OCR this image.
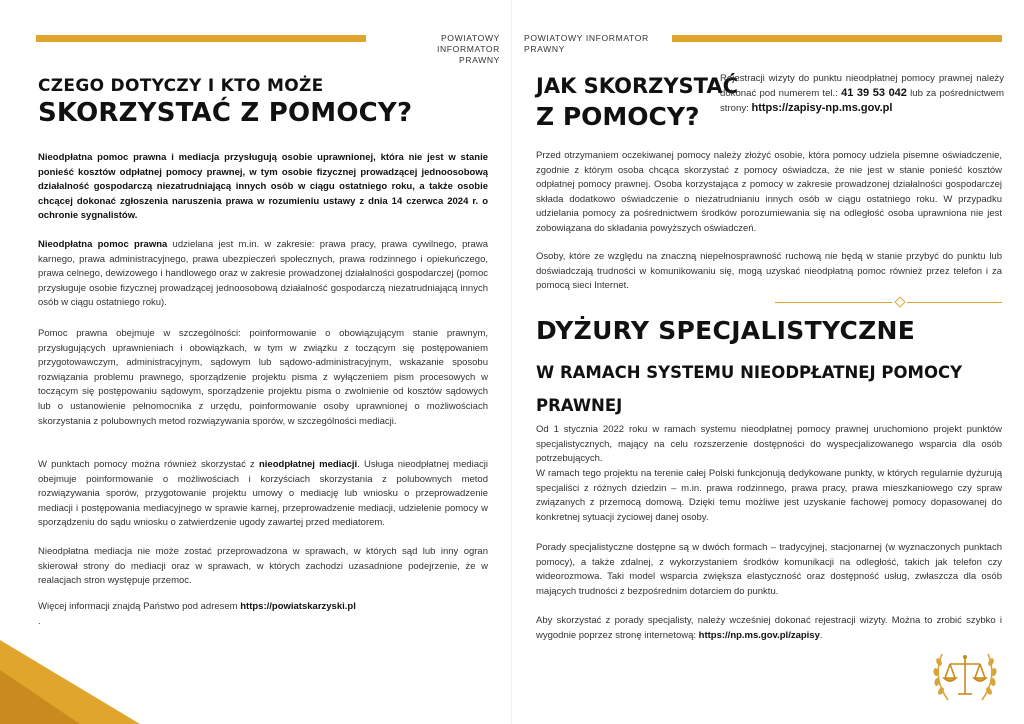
POWIATOWY INFORMATOR
PRAWNY
POWIATOWY INFORMATOR
PRAWNY
CZEGO DOTYCZY I KTO MOŻE
SKORZYSTAĆ Z POMOCY?

Nieodpłatna pomoc prawna i mediacja przysługują osobie uprawnionej, która nie jest w stanie ponieść kosztów odpłatnej pomocy prawnej, w tym osobie fizycznej prowadzącej jednoosobową działalność gospodarczą niezatrudniającą innych osób w ciągu ostatniego roku, a także osobie chcącej dokonać zgłoszenia naruszenia prawa w rozumieniu ustawy z dnia 14 czerwca 2024 r. o ochronie sygnalistów.

Nieodpłatna pomoc prawna udzielana jest m.in. w zakresie: prawa pracy, prawa cywilnego, prawa karnego, prawa administracyjnego, prawa ubezpieczeń społecznych, prawa rodzinnego i opiekuńczego, prawa celnego, dewizowego i handlowego oraz w zakresie prowadzonej działalności gospodarczej (pomoc przysługuje osobie fizycznej prowadzącej jednoosobową działalność gospodarczą niezatrudniającą innych osób w ciągu ostatniego roku).

Pomoc prawna obejmuje w szczególności: poinformowanie o obowiązującym stanie prawnym, przysługujących uprawnieniach i obowiązkach, w tym w związku z toczącym się postępowaniem przygotowawczym, administracyjnym, sądowym lub sądowo-administracyjnym, wskazanie sposobu rozwiązania problemu prawnego, sporządzenie projektu pisma z wyłączeniem pism procesowych w toczącym się postępowaniu sądowym, sporządzenie projektu pisma o zwolnienie od kosztów sądowych lub o ustanowienie pełnomocnika z urzędu, poinformowanie osoby uprawnionej o możliwościach skorzystania z polubownych metod rozwiązywania sporów, w szczególności mediacji.

W punktach pomocy można również skorzystać z nieodpłatnej mediacji. Usługa nieodpłatnej mediacji obejmuje poinformowanie o możliwościach i korzyściach skorzystania z polubownych metod rozwiązywania sporów, przygotowanie projektu umowy o mediację lub wniosku o przeprowadzenie mediacji i postępowania mediacyjnego w sprawie karnej, przeprowadzenie mediacji, udzielenie pomocy w sporządzeniu do sądu wniosku o zatwierdzenie ugody zawartej przed mediatorem.

Nieodpłatna mediacja nie może zostać przeprowadzona w sprawach, w których sąd lub inny ogran skierował strony do mediacji oraz w sprawach, w których zachodzi uzasadnione podejrzenie, że w realacjach stron występuje przemoc.

Więcej informacji znajdą Państwo pod adresem https://powiatskarzyski.pl
.

JAK SKORZYSTAĆ
Z POMOCY?

Rejestracji wizyty do punktu nieodpłatnej pomocy prawnej należy dokonać pod numerem tel.: 41 39 53 042 lub za pośrednictwem strony: https://zapisy-np.ms.gov.pl

Przed otrzymaniem oczekiwanej pomocy należy złożyć osobie, która pomocy udziela pisemne oświadczenie, zgodnie z którym osoba chcąca skorzystać z pomocy oświadcza, że nie jest w stanie ponieść kosztów odpłatnej pomocy prawnej. Osoba korzystająca z pomocy w zakresie prowadzonej działalności gospodarczej składa dodatkowo oświadczenie o niezatrudnianiu innych osób w ciągu ostatniego roku. W przypadku udzielania pomocy za pośrednictwem środków porozumiewania się na odległość osoba uprawniona nie jest zobowiązana do składania powyższych oświadczeń.

Osoby, które ze względu na znaczną niepełnosprawność ruchową nie będą w stanie przybyć do punktu lub doświadczają trudności w komunikowaniu się, mogą uzyskać nieodpłatną pomoc również przez telefon i za pomocą sieci Internet.

DYŻURY SPECJALISTYCZNE
W RAMACH SYSTEMU NIEODPŁATNEJ POMOCY PRAWNEJ

Od 1 stycznia 2022 roku w ramach systemu nieodpłatnej pomocy prawnej uruchomiono projekt punktów specjalistycznych, mający na celu rozszerzenie dostępności do wyspecjalizowanego wsparcia dla osób potrzebujących.

W ramach tego projektu na terenie całej Polski funkcjonują dedykowane punkty, w których regularnie dyżurują specjaliści z różnych dziedzin – m.in. prawa rodzinnego, prawa pracy, prawa mieszkaniowego czy spraw związanych z przemocą domową. Dzięki temu możliwe jest uzyskanie fachowej pomocy dopasowanej do konkretnej sytuacji życiowej danej osoby.

Porady specjalistyczne dostępne są w dwóch formach – tradycyjnej, stacjonarnej (w wyznaczonych punktach pomocy), a także zdalnej, z wykorzystaniem środków komunikacji na odległość, takich jak telefon czy wideorozmowa. Taki model wsparcia zwiększa elastyczność oraz dostępność usług, zwłaszcza dla osób mających trudności z bezpośrednim dotarciem do punktu.

Aby skorzystać z porady specjalisty, należy wcześniej dokonać rejestracji wizyty. Można to zrobić szybko i wygodnie poprzez stronę internetową: https://np.ms.gov.pl/zapisy.
